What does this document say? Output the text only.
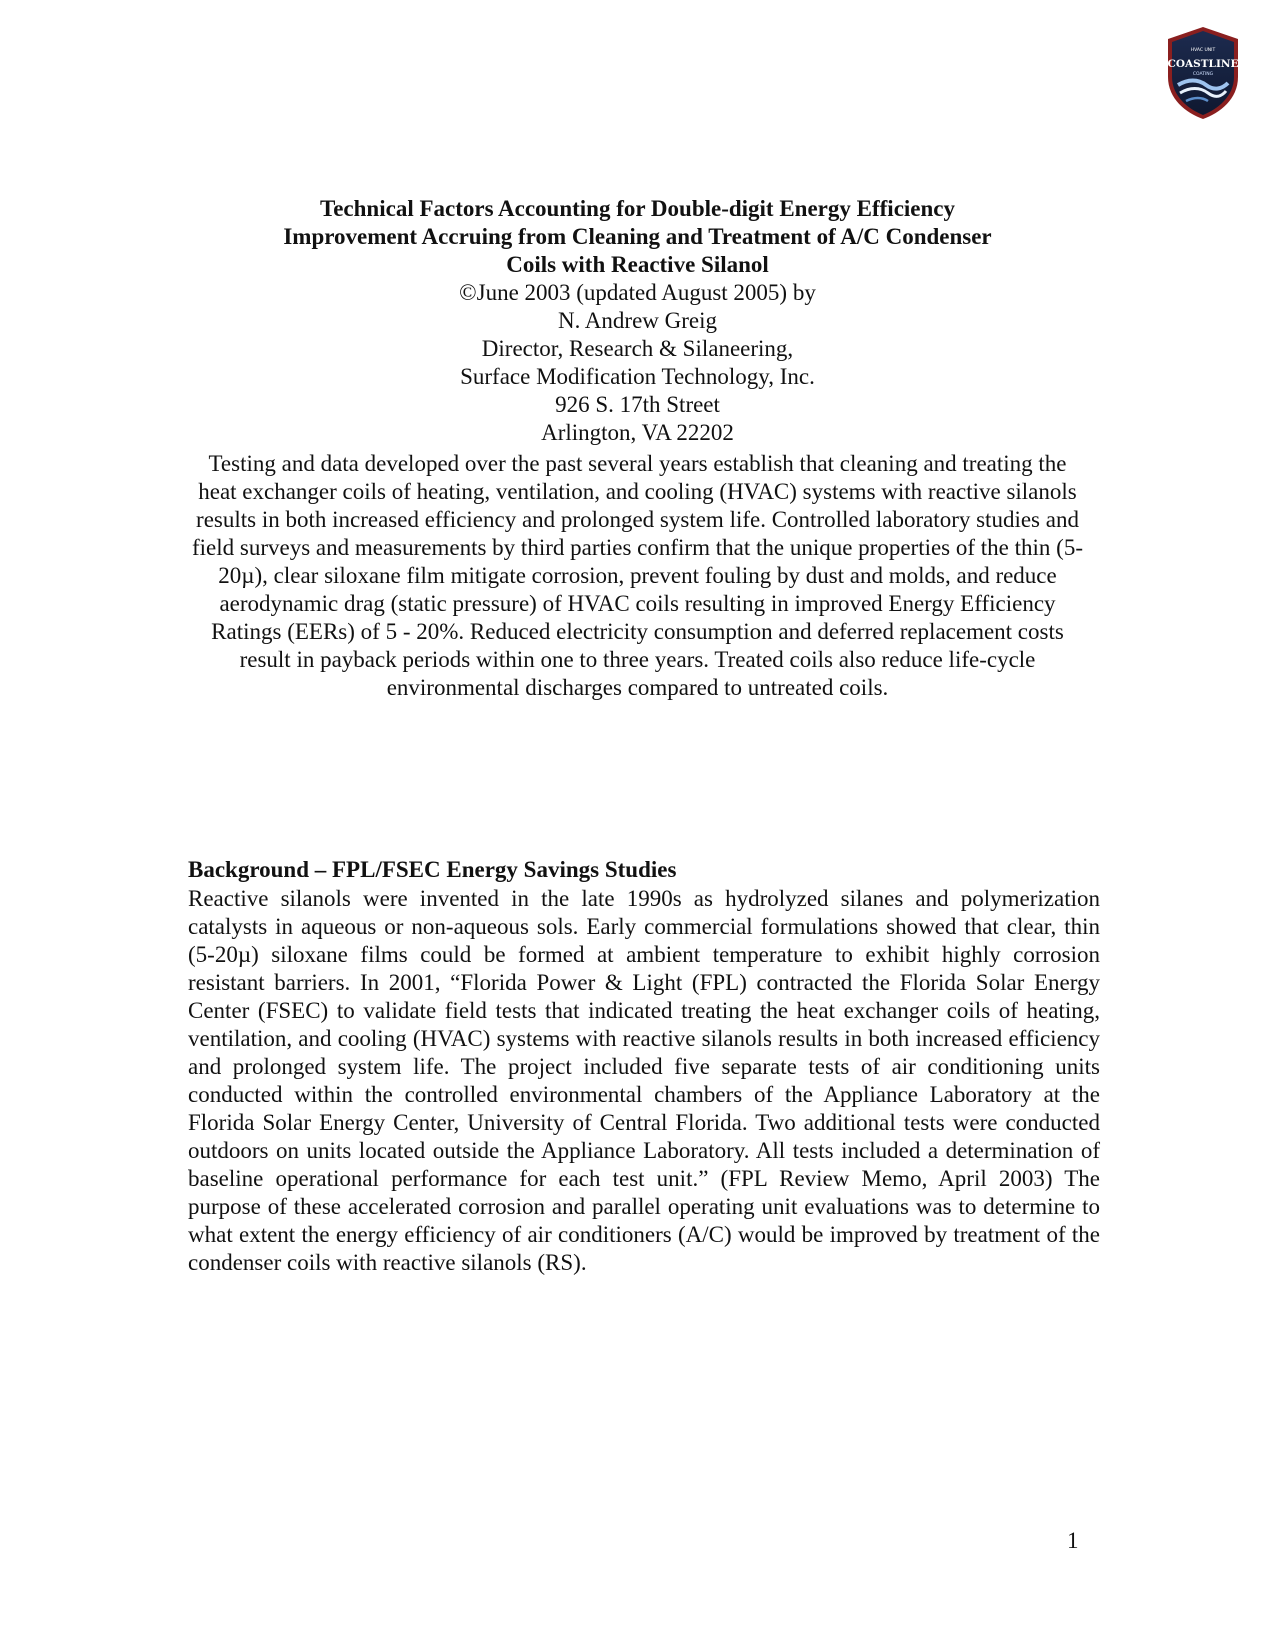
HVAC UNIT
COASTLINE
COATING
Technical Factors Accounting for Double-digit Energy Efficiency
Improvement Accruing from Cleaning and Treatment of A/C Condenser
Coils with Reactive Silanol
©June 2003 (updated August 2005) by
N. Andrew Greig
Director, Research & Silaneering,
Surface Modification Technology, Inc.
926 S. 17th Street
Arlington, VA 22202
Testing and data developed over the past several years establish that cleaning and treating the heat exchanger coils of heating, ventilation, and cooling (HVAC) systems with reactive silanols results in both increased efficiency and prolonged system life. Controlled laboratory studies and field surveys and measurements by third parties confirm that the unique properties of the thin (5-20µ), clear siloxane film mitigate corrosion, prevent fouling by dust and molds, and reduce aerodynamic drag (static pressure) of HVAC coils resulting in improved Energy Efficiency Ratings (EERs) of 5 - 20%. Reduced electricity consumption and deferred replacement costs result in payback periods within one to three years. Treated coils also reduce life-cycle environmental discharges compared to untreated coils.
Background – FPL/FSEC Energy Savings Studies
Reactive silanols were invented in the late 1990s as hydrolyzed silanes and polymerization catalysts in aqueous or non-aqueous sols. Early commercial formulations showed that clear, thin (5-20µ) siloxane films could be formed at ambient temperature to exhibit highly corrosion resistant barriers. In 2001, “Florida Power & Light (FPL) contracted the Florida Solar Energy Center (FSEC) to validate field tests that indicated treating the heat exchanger coils of heating, ventilation, and cooling (HVAC) systems with reactive silanols results in both increased efficiency and prolonged system life. The project included five separate tests of air conditioning units conducted within the controlled environmental chambers of the Appliance Laboratory at the Florida Solar Energy Center, University of Central Florida. Two additional tests were conducted outdoors on units located outside the Appliance Laboratory. All tests included a determination of baseline operational performance for each test unit.” (FPL Review Memo, April 2003) The purpose of these accelerated corrosion and parallel operating unit evaluations was to determine to what extent the energy efficiency of air conditioners (A/C) would be improved by treatment of the condenser coils with reactive silanols (RS).
1
